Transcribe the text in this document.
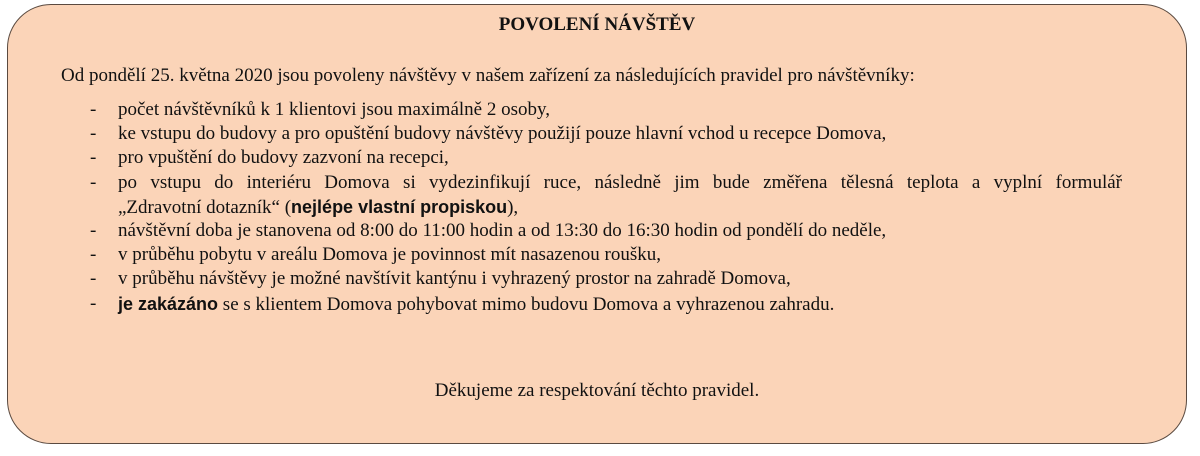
POVOLENÍ NÁVŠTĚV
Od pondělí 25. května 2020 jsou povoleny návštěvy v našem zařízení za následujících pravidel pro návštěvníky:
- počet návštěvníků k 1 klientovi jsou maximálně 2 osoby,
- ke vstupu do budovy a pro opuštění budovy návštěvy použijí pouze hlavní vchod u recepce Domova,
- pro vpuštění do budovy zazvoní na recepci,
- po vstupu do interiéru Domova si vydezinfikují ruce, následně jim bude změřena tělesná teplota a vyplní formulář
„Zdravotní dotazník“ (nejlépe vlastní propiskou),
- návštěvní doba je stanovena od 8:00 do 11:00 hodin a od 13:30 do 16:30 hodin od pondělí do neděle,
- v průběhu pobytu v areálu Domova je povinnost mít nasazenou roušku,
- v průběhu návštěvy je možné navštívit kantýnu i vyhrazený prostor na zahradě Domova,
- je zakázáno se s klientem Domova pohybovat mimo budovu Domova a vyhrazenou zahradu.
Děkujeme za respektování těchto pravidel.
